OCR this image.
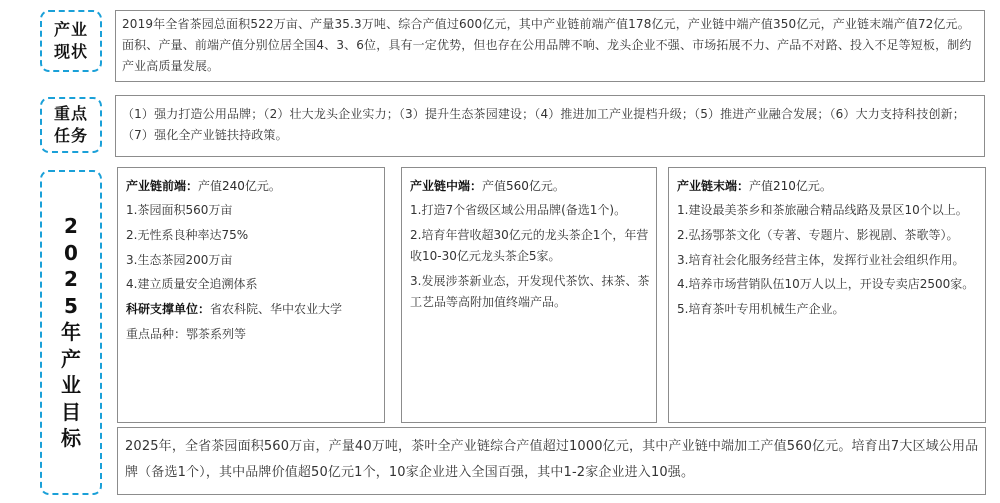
产业
现状
2019年全省茶园总面积522万亩、产量35.3万吨、综合产值过600亿元，其中产业链前端产值178亿元，产业链中端产值350亿元，产业链末端产值72亿元。面积、产量、前端产值分别位居全国4、3、6位，具有一定优势，但也存在公用品牌不响、龙头企业不强、市场拓展不力、产品不对路、投入不足等短板，制约产业高质量发展。
重点
任务
（1）强力打造公用品牌；（2）壮大龙头企业实力；（3）提升生态茶园建设；（4）推进加工产业提档升级；（5）推进产业融合发展；（6）大力支持科技创新；（7）强化全产业链扶持政策。
2
0
2
5
年
产
业
目
标
产业链前端：产值240亿元。
1.茶园面积560万亩
2.无性系良种率达75%
3.生态茶园200万亩
4.建立质量安全追溯体系
科研支撑单位：省农科院、华中农业大学
重点品种：鄂茶系列等
产业链中端：产值560亿元。
1.打造7个省级区域公用品牌(备选1个)。
2.培育年营收超30亿元的龙头茶企1个，年营收10-30亿元龙头茶企5家。
3.发展涉茶新业态，开发现代茶饮、抹茶、茶工艺品等高附加值终端产品。
产业链末端：产值210亿元。
1.建设最美茶乡和茶旅融合精品线路及景区10个以上。
2.弘扬鄂茶文化（专著、专题片、影视剧、茶歌等）。
3.培育社会化服务经营主体，发挥行业社会组织作用。
4.培养市场营销队伍10万人以上，开设专卖店2500家。
5.培育茶叶专用机械生产企业。
2025年，全省茶园面积560万亩，产量40万吨，茶叶全产业链综合产值超过1000亿元，其中产业链中端加工产值560亿元。培育出7大区域公用品牌（备选1个），其中品牌价值超50亿元1个，10家企业进入全国百强，其中1-2家企业进入10强。
